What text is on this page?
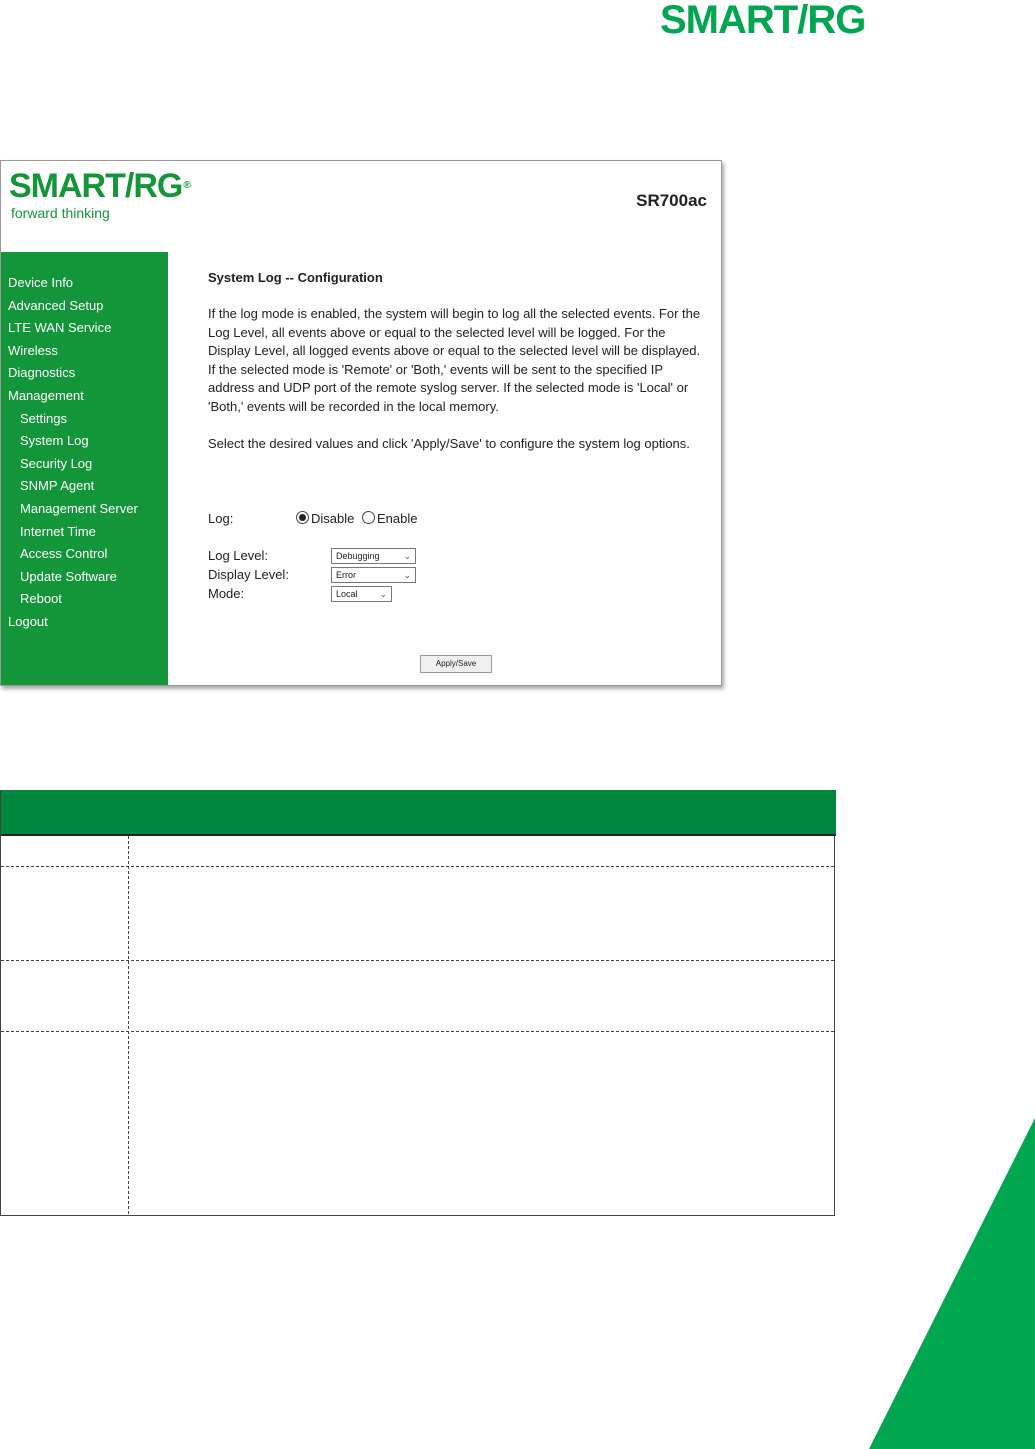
SMART/RG
SMART/RG®
forward thinking
SR700ac
Device Info
Advanced Setup
LTE WAN Service
Wireless
Diagnostics
Management
Settings
System Log
Security Log
SNMP Agent
Management Server
Internet Time
Access Control
Update Software
Reboot
Logout
System Log -- Configuration

If the log mode is enabled, the system will begin to log all the selected events. For the Log Level, all events above or equal to the selected level will be logged. For the Display Level, all logged events above or equal to the selected level will be displayed. If the selected mode is 'Remote' or 'Both,' events will be sent to the specified IP address and UDP port of the remote syslog server. If the selected mode is 'Local' or 'Both,' events will be recorded in the local memory.

Select the desired values and click 'Apply/Save' to configure the system log options.

Log:	Disable Enable
Log Level:	Debugging	⌄
Display Level:	Error	⌄
Mode:	Local ⌄
Apply/Save
